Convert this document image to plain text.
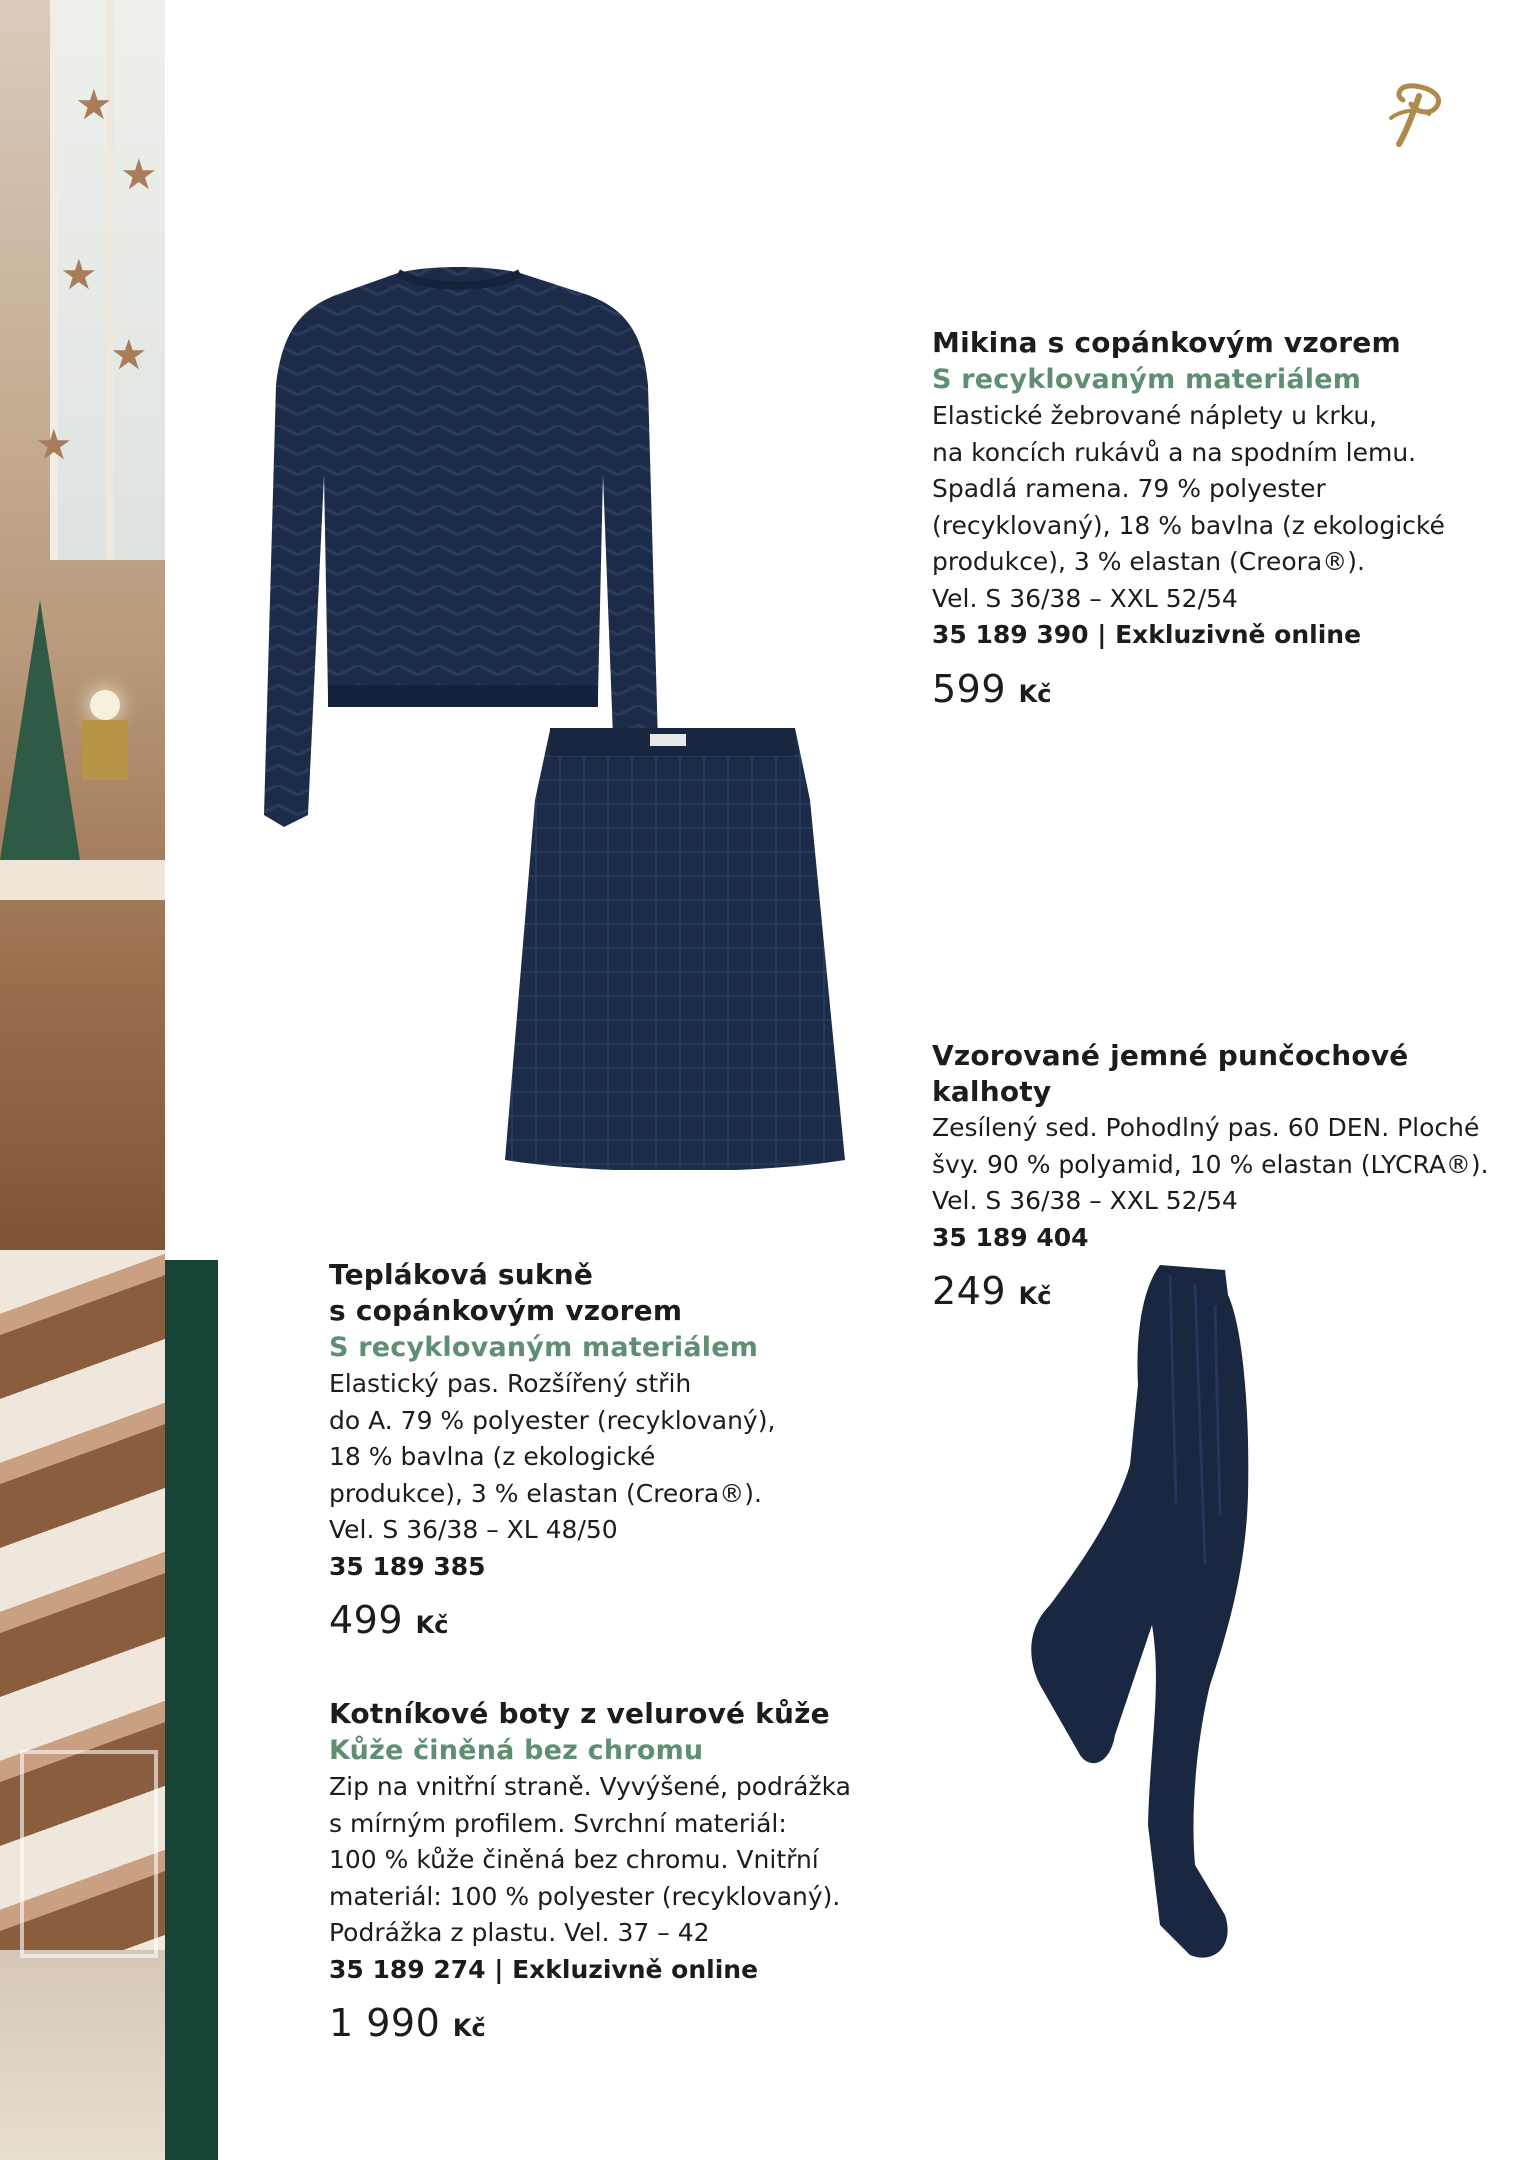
★
★
★
★
★
Mikina s copánkovým vzorem
S recyklovaným materiálem
Elastické žebrované náplety u krku,
na koncích rukávů a na spodním lemu.
Spadlá ramena. 79 % polyester
(recyklovaný), 18 % bavlna (z ekologické
produkce), 3 % elastan (Creora®).
Vel. S 36/38 – XXL 52/54
35 189 390 | Exkluzivně online
599 Kč
Vzorované jemné punčochové kalhoty
Zesílený sed. Pohodlný pas. 60 DEN. Ploché
švy. 90 % polyamid, 10 % elastan (LYCRA®).
Vel. S 36/38 – XXL 52/54
35 189 404
249 Kč
Tepláková sukně
s copánkovým vzorem
S recyklovaným materiálem
Elastický pas. Rozšířený střih
do A. 79 % polyester (recyklovaný),
18 % bavlna (z ekologické
produkce), 3 % elastan (Creora®).
Vel. S 36/38 – XL 48/50
35 189 385
499 Kč
Kotníkové boty z velurové kůže
Kůže činěná bez chromu
Zip na vnitřní straně. Vyvýšené, podrážka
s mírným profilem. Svrchní materiál:
100 % kůže činěná bez chromu. Vnitřní
materiál: 100 % polyester (recyklovaný).
Podrážka z plastu. Vel. 37 – 42
35 189 274 | Exkluzivně online
1 990 Kč
